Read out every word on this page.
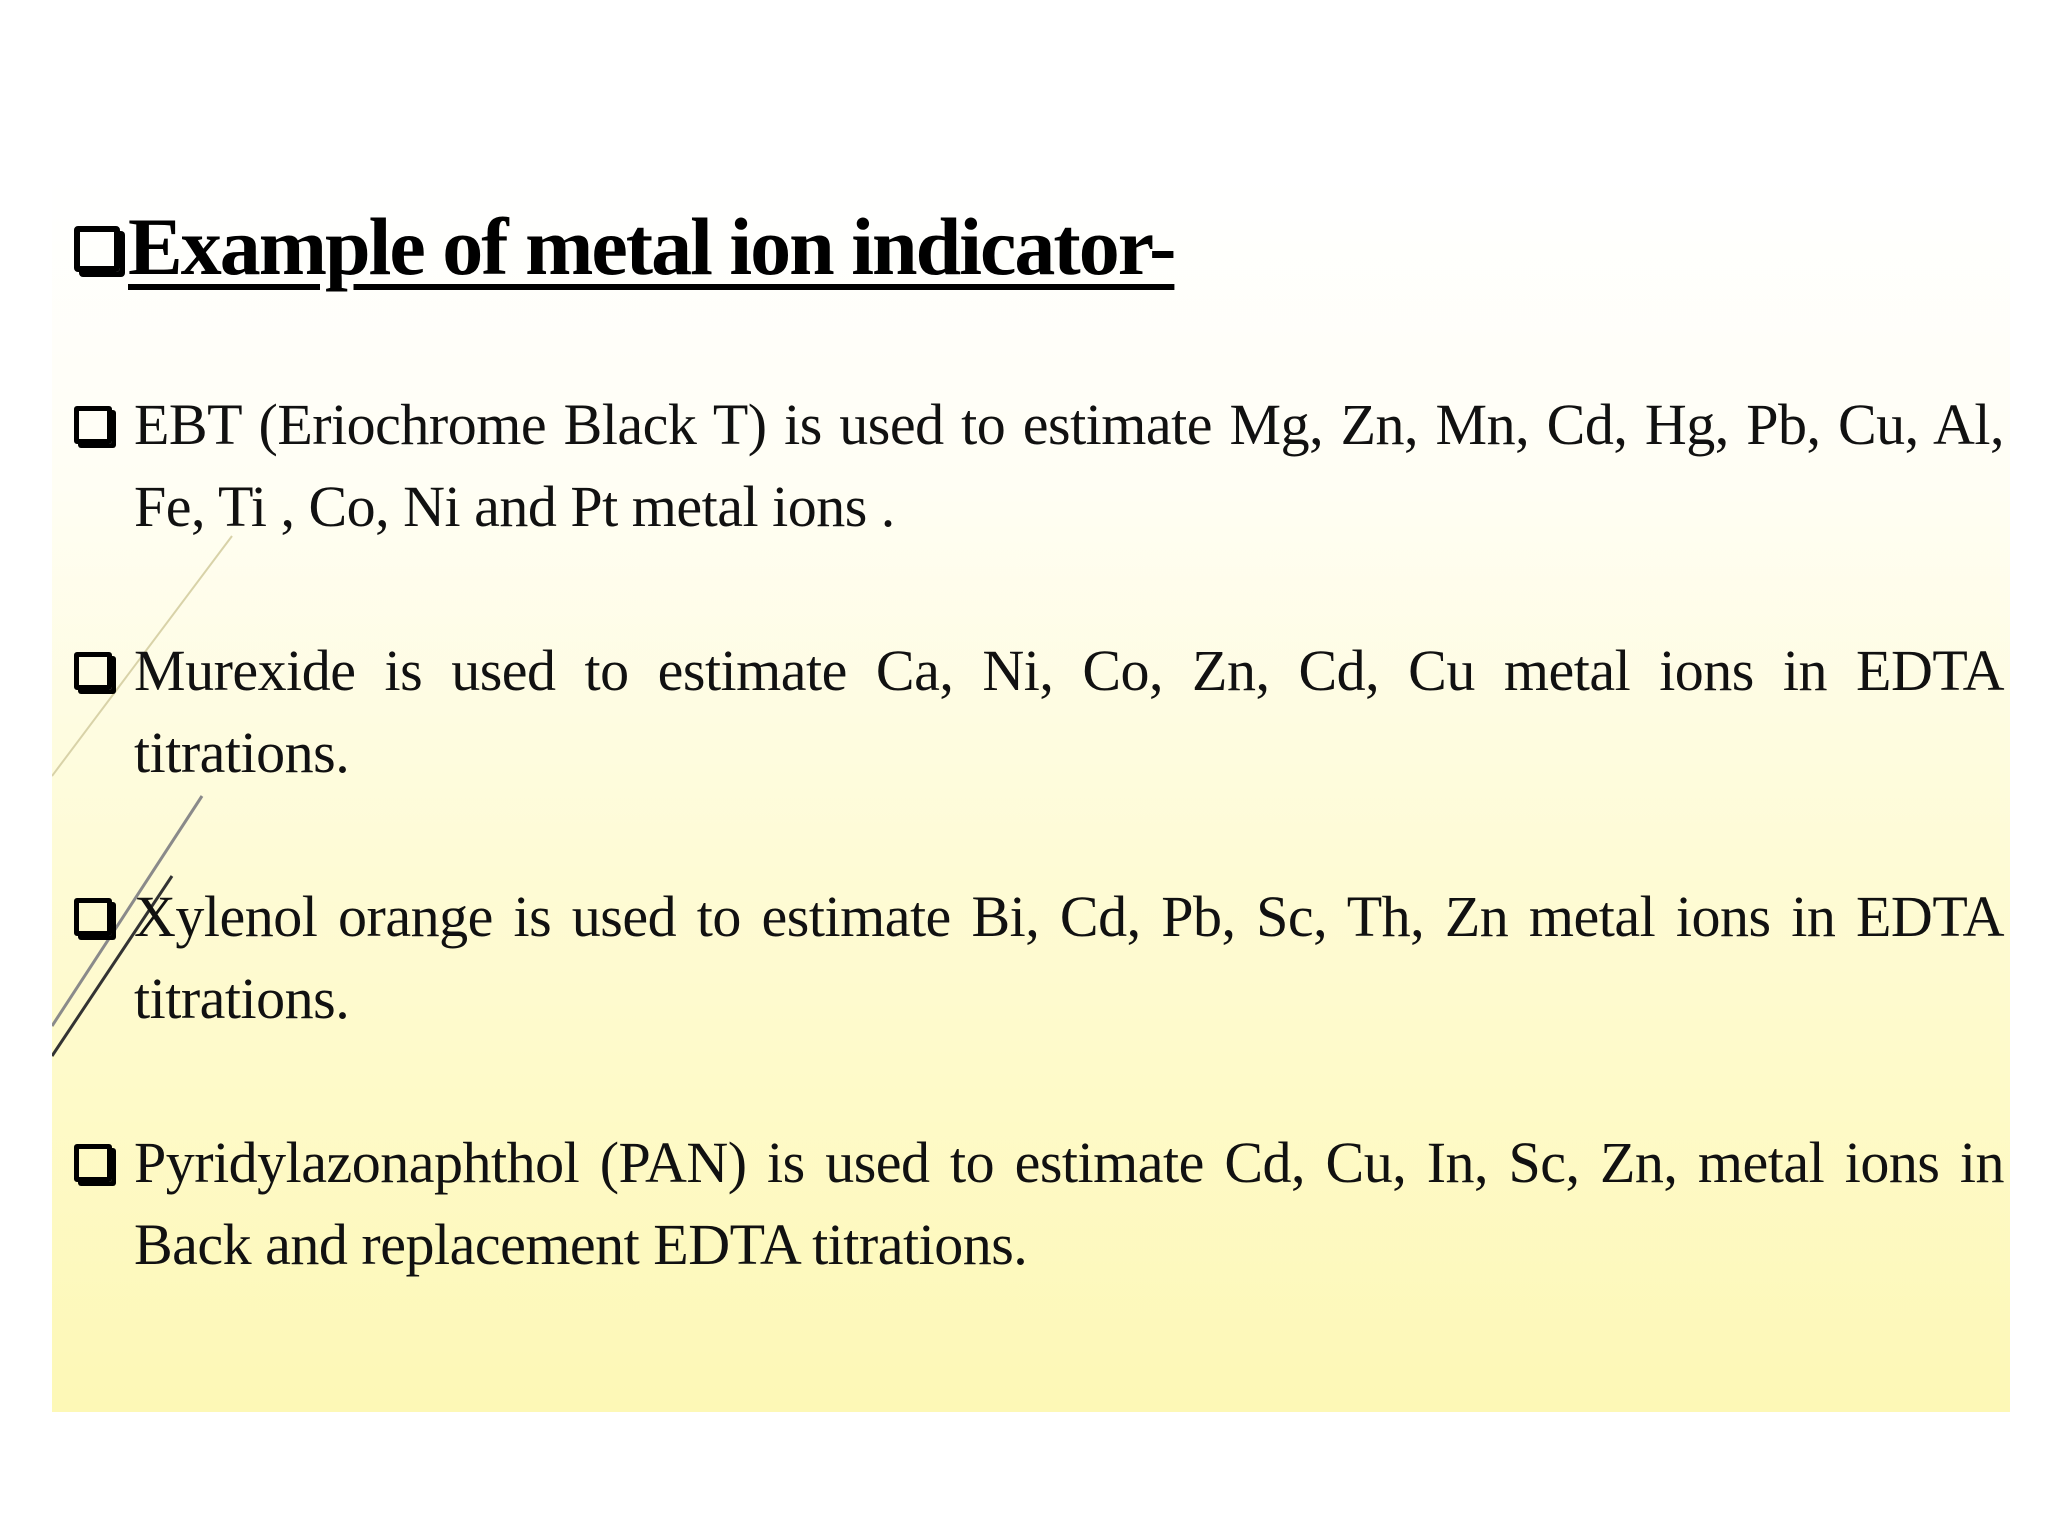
Example of metal ion indicator-
EBT (Eriochrome Black T) is used to estimate Mg, Zn, Mn, Cd, Hg, Pb, Cu, Al, Fe, Ti , Co, Ni and Pt metal ions .
Murexide is used to estimate Ca, Ni, Co, Zn, Cd, Cu metal ions in EDTA titrations.
Xylenol orange is used to estimate Bi, Cd, Pb, Sc, Th, Zn metal ions in EDTA titrations.
Pyridylazonaphthol (PAN) is used to estimate Cd, Cu, In, Sc, Zn, metal ions in Back and replacement EDTA titrations.
